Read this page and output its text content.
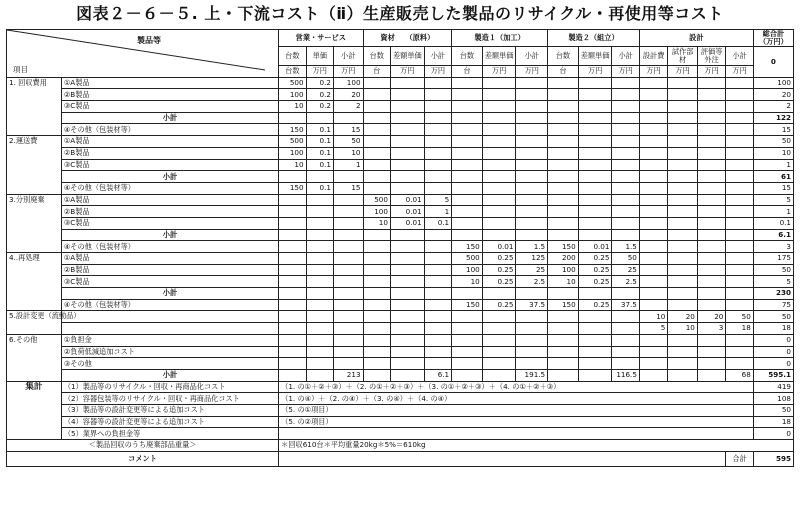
図表２－６－５. 上・下流コスト（ⅱ）生産販売した製品のリサイクル・再使用等コスト
製品等
項目		営業・サービス			資材　　（原料）			製造１（加工）			製造２（組立）			設計				総合計
（万円）
		台数	単価	小計	台数	差額単価	小計	台数	差額単価	小計	台数	差額単価	小計	設計費	試作部材	評価等外注	小計	0
		台数	万円	万円	台	万円	万円	台	万円	万円	台	万円	万円	万円	万円	万円	万円	
1. 回収費用	①A製品	500	0.2	100														100
	②B製品	100	0.2	20														20
	③C製品	10	0.2	2														2
	小計																	122
	④その他（包装材等）	150	0.1	15														15
2.運送費	①A製品	500	0.1	50														50
	②B製品	100	0.1	10														10
	③C製品	10	0.1	1														1
	小計																	61
	④その他（包装材等）	150	0.1	15														15
3.分別廃棄	①A製品				500	0.01	5											5
	②B製品				100	0.01	1											1
	③C製品				10	0.01	0.1											0.1
	小計																	6.1
	④その他（包装材等）							150	0.01	1.5	150	0.01	1.5					3
4..再処理	①A製品							500	0.25	125	200	0.25	50					175
	②B製品							100	0.25	25	100	0.25	25					50
	③C製品							10	0.25	2.5	10	0.25	2.5					5
	小計																	230
	④その他（包装材等）							150	0.25	37.5	150	0.25	37.5					75
5.設計変更（流動品）														10	20	20	50	50
														5	10	3	18	18
6.その他	①負担金																	0
	②負荷低減追加コスト																	0
	③その他																	0
	小計			213			6.1			191.5			116.5				68	595.1
集計	（1）製品等のリサイクル・回収・再商品化コスト	（1. の①＋②＋③）＋（2. の①＋②＋③）＋（3. の①＋②＋③）＋（4. の①＋②＋③）																419
	（2）容器包装等のリサイクル・回収・再商品化コスト	（1. の④）＋（2. の④）＋（3. の④）＋（4. の④）																108
	（3）製品等の設計変更等による追加コスト	（5. の①項目）																50
	（4）容器等の設計変更等による追加コスト	（5. の②項目）																18
	（5）業界への負担金等																	0
＜製品回収のうち廃棄部品重量＞		＊回収610台＊平均重量20kg＊5%＝610kg																
コメント																	合計	595
